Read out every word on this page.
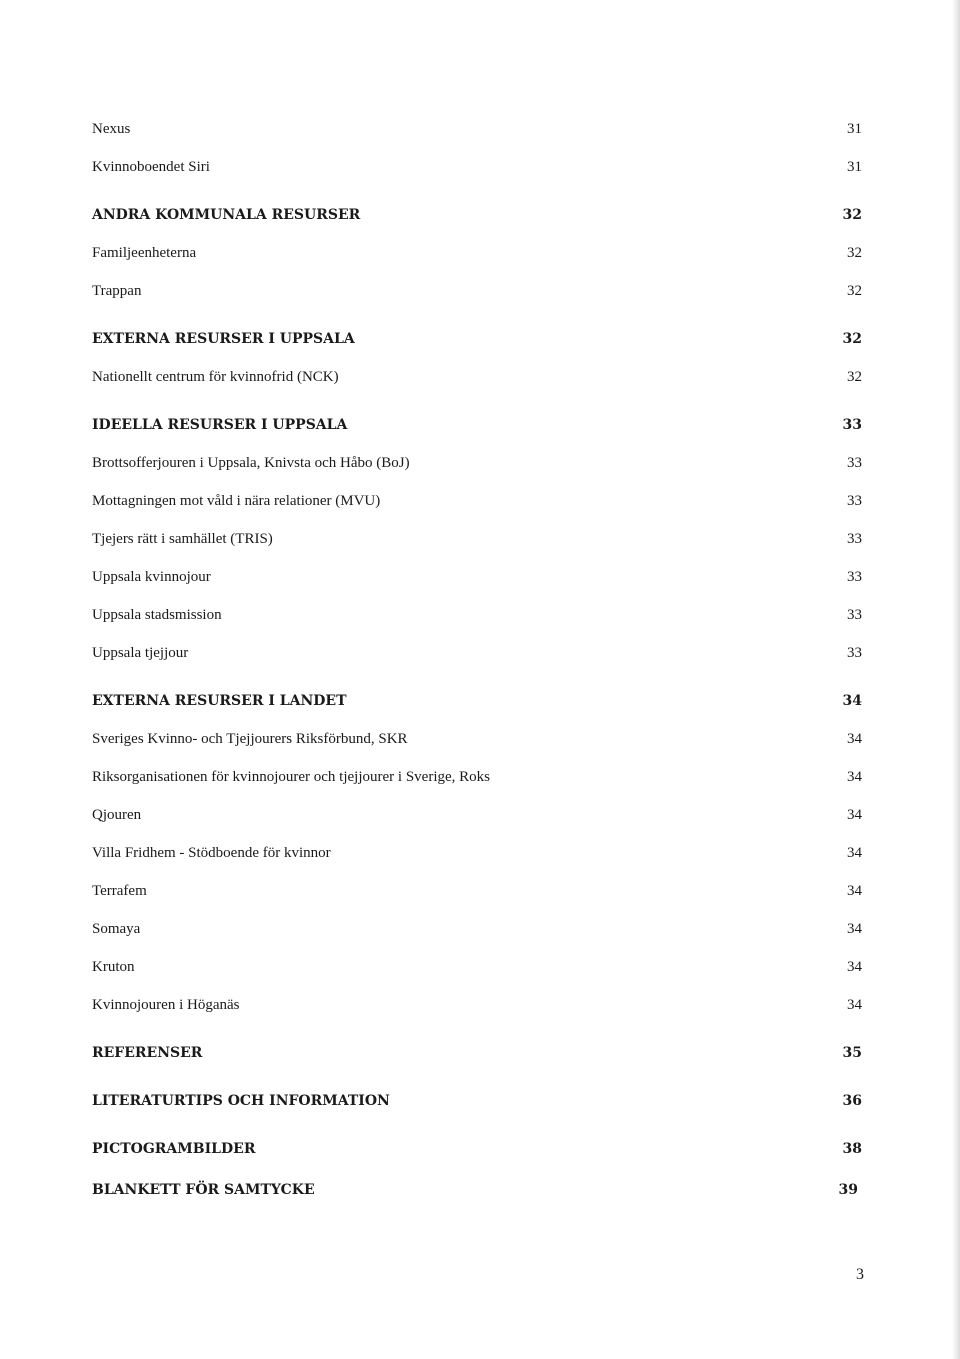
Nexus	31
Kvinnoboendet Siri	31
ANDRA KOMMUNALA RESURSER	32
Familjeenheterna	32
Trappan	32
EXTERNA RESURSER I UPPSALA	32
Nationellt centrum för kvinnofrid (NCK)	32
IDEELLA RESURSER I UPPSALA	33
Brottsofferjouren i Uppsala, Knivsta och Håbo (BoJ)	33
Mottagningen mot våld i nära relationer (MVU)	33
Tjejers rätt i samhället (TRIS)	33
Uppsala kvinnojour	33
Uppsala stadsmission	33
Uppsala tjejjour	33
EXTERNA RESURSER I LANDET	34
Sveriges Kvinno- och Tjejjourers Riksförbund, SKR	34
Riksorganisationen för kvinnojourer och tjejjourer i Sverige, Roks	34
Qjouren	34
Villa Fridhem - Stödboende för kvinnor	34
Terrafem	34
Somaya	34
Kruton	34
Kvinnojouren i Höganäs	34
REFERENSER	35
LITERATURTIPS OCH INFORMATION	36
PICTOGRAMBILDER	38
BLANKETT FÖR SAMTYCKE	39
3
